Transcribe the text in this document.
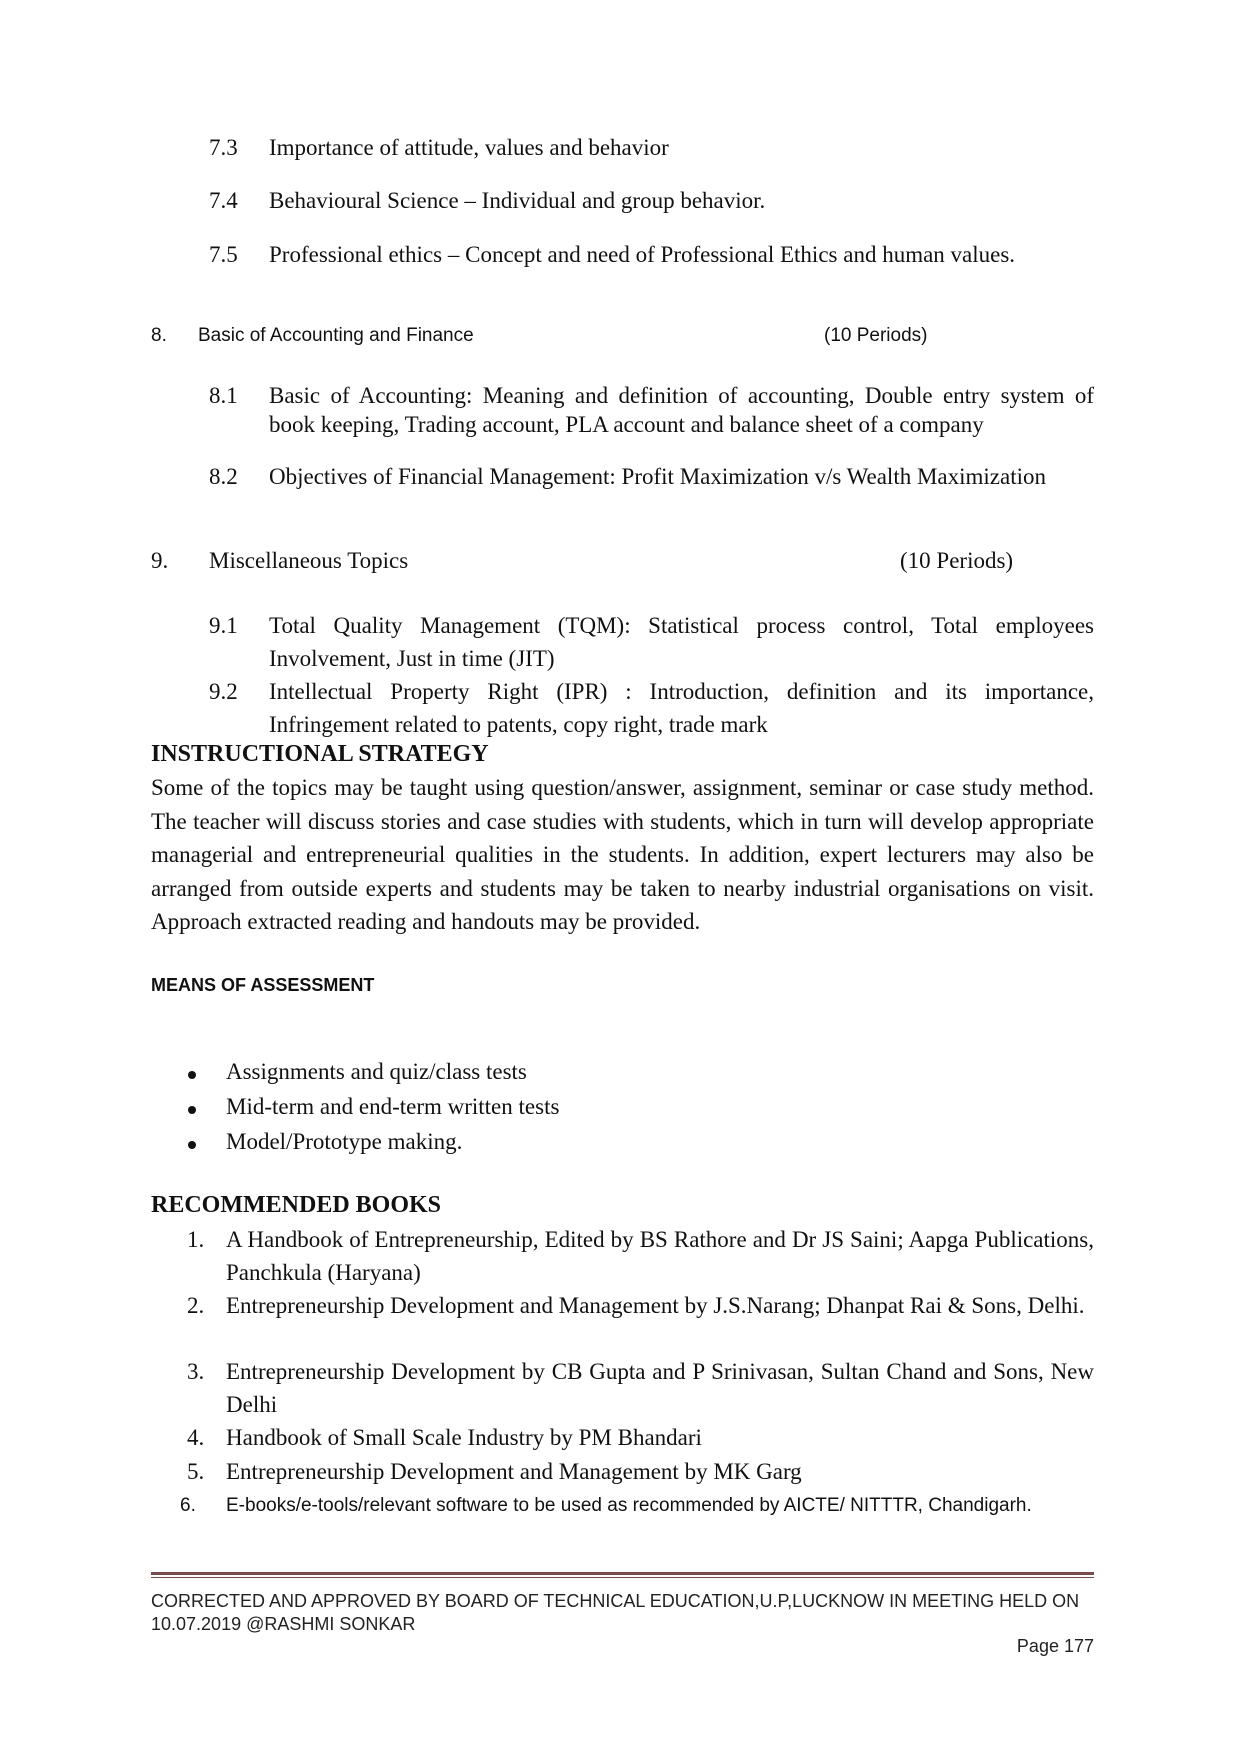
7.3 Importance of attitude, values and behavior
7.4 Behavioural Science – Individual and group behavior.
7.5 Professional ethics – Concept and need of Professional Ethics and human values.
8. Basic of Accounting and Finance	(10 Periods)
8.1 Basic of Accounting: Meaning and definition of accounting, Double entry system of book keeping, Trading account, PLA account and balance sheet of a company
8.2 Objectives of Financial Management: Profit Maximization v/s Wealth Maximization
9. Miscellaneous Topics	(10 Periods)
9.1 Total Quality Management (TQM): Statistical process control, Total employees Involvement, Just in time (JIT)
9.2 Intellectual Property Right (IPR) : Introduction, definition and its importance, Infringement related to patents, copy right, trade mark
INSTRUCTIONAL STRATEGY
Some of the topics may be taught using question/answer, assignment, seminar or case study method. The teacher will discuss stories and case studies with students, which in turn will develop appropriate managerial and entrepreneurial qualities in the students. In addition, expert lecturers may also be arranged from outside experts and students may be taken to nearby industrial organisations on visit. Approach extracted reading and handouts may be provided.
MEANS OF ASSESSMENT
Assignments and quiz/class tests
Mid-term and end-term written tests
Model/Prototype making.
RECOMMENDED BOOKS
1. A Handbook of Entrepreneurship, Edited by BS Rathore and Dr JS Saini; Aapga Publications, Panchkula (Haryana)
2. Entrepreneurship Development and Management by J.S.Narang; Dhanpat Rai & Sons, Delhi.
3. Entrepreneurship Development by CB Gupta and P Srinivasan, Sultan Chand and Sons, New Delhi
4. Handbook of Small Scale Industry by PM Bhandari
5. Entrepreneurship Development and Management by MK Garg
6. E-books/e-tools/relevant software to be used as recommended by AICTE/ NITTTR, Chandigarh.
CORRECTED AND APPROVED BY BOARD OF TECHNICAL EDUCATION,U.P,LUCKNOW IN MEETING HELD ON 10.07.2019 @RASHMI SONKAR
Page 177
